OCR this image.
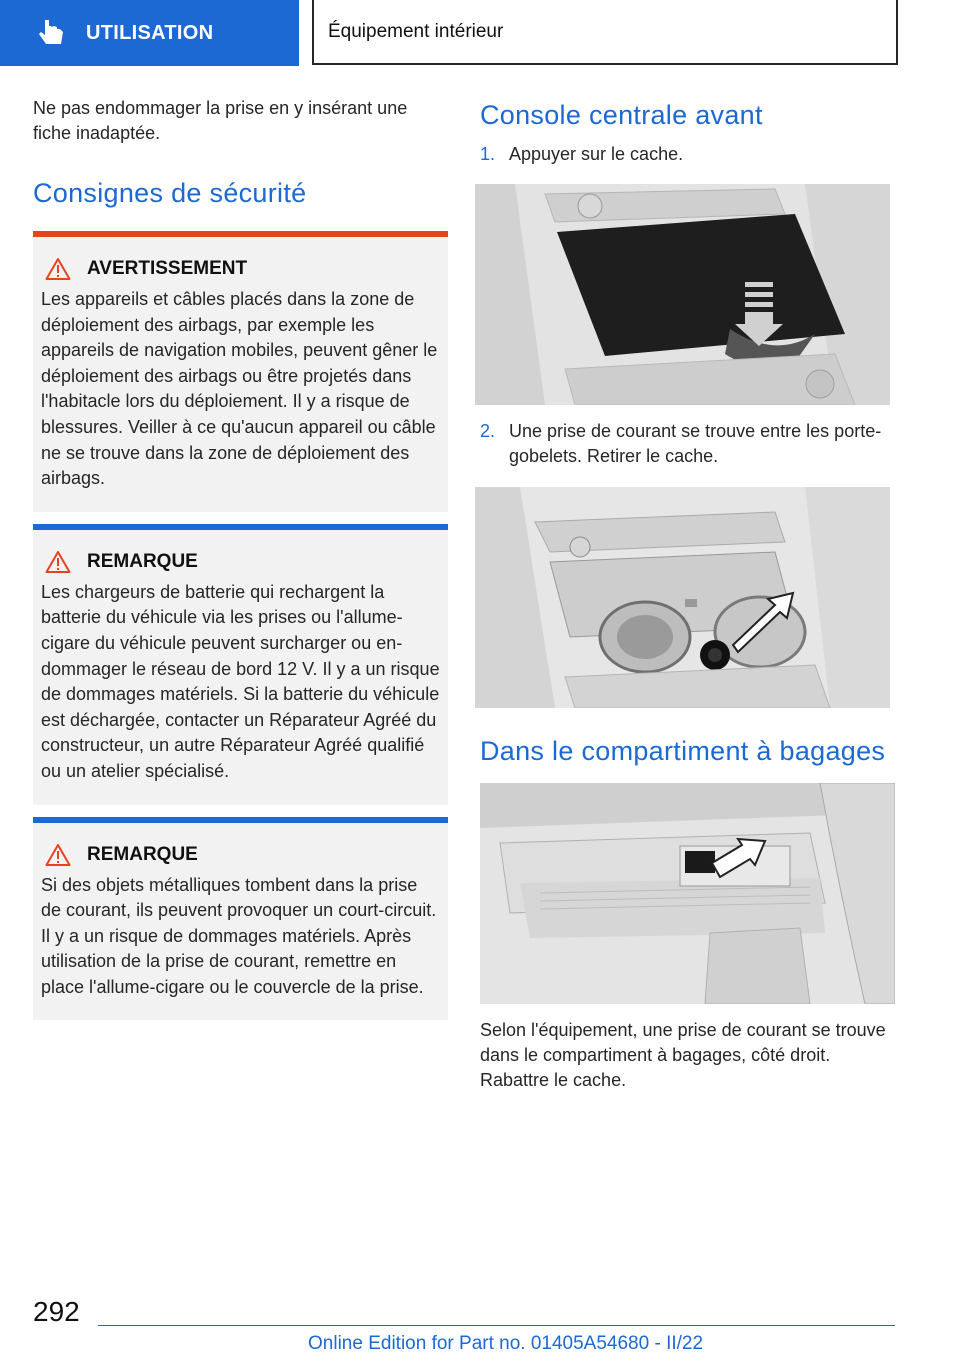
UTILISATION	Équipement intérieur

Ne pas endommager la prise en y insérant une fiche inadaptée.

Consignes de sécurité
AVERTISSEMENT

Les appareils et câbles placés dans la zone de déploiement des airbags, par exemple les appareils de navigation mobiles, peuvent gêner le déploiement des airbags ou être projetés dans l'habitacle lors du déploiement. Il y a risque de blessures. Veiller à ce qu'aucun appareil ou câble ne se trouve dans la zone de déploiement des airbags.

REMARQUE

Les chargeurs de batterie qui rechargent la batterie du véhicule via les prises ou l'allume-cigare du véhicule peuvent surcharger ou endommager le réseau de bord 12 V. Il y a un risque de dommages matériels. Si la batterie du véhicule est déchargée, contacter un Réparateur Agréé du constructeur, un autre Réparateur Agréé qualifié ou un atelier spécialisé.

REMARQUE

Si des objets métalliques tombent dans la prise de courant, ils peuvent provoquer un court-circuit. Il y a un risque de dommages matériels. Après utilisation de la prise de courant, remettre en place l'allume-cigare ou le couvercle de la prise.

Console centrale avant
1. Appuyer sur le cache.
2. Une prise de courant se trouve entre les porte-gobelets. Retirer le cache.
Dans le compartiment à bagages

Selon l'équipement, une prise de courant se trouve dans le compartiment à bagages, côté droit. Rabattre le cache.

292
Online Edition for Part no. 01405A54680 - II/22
